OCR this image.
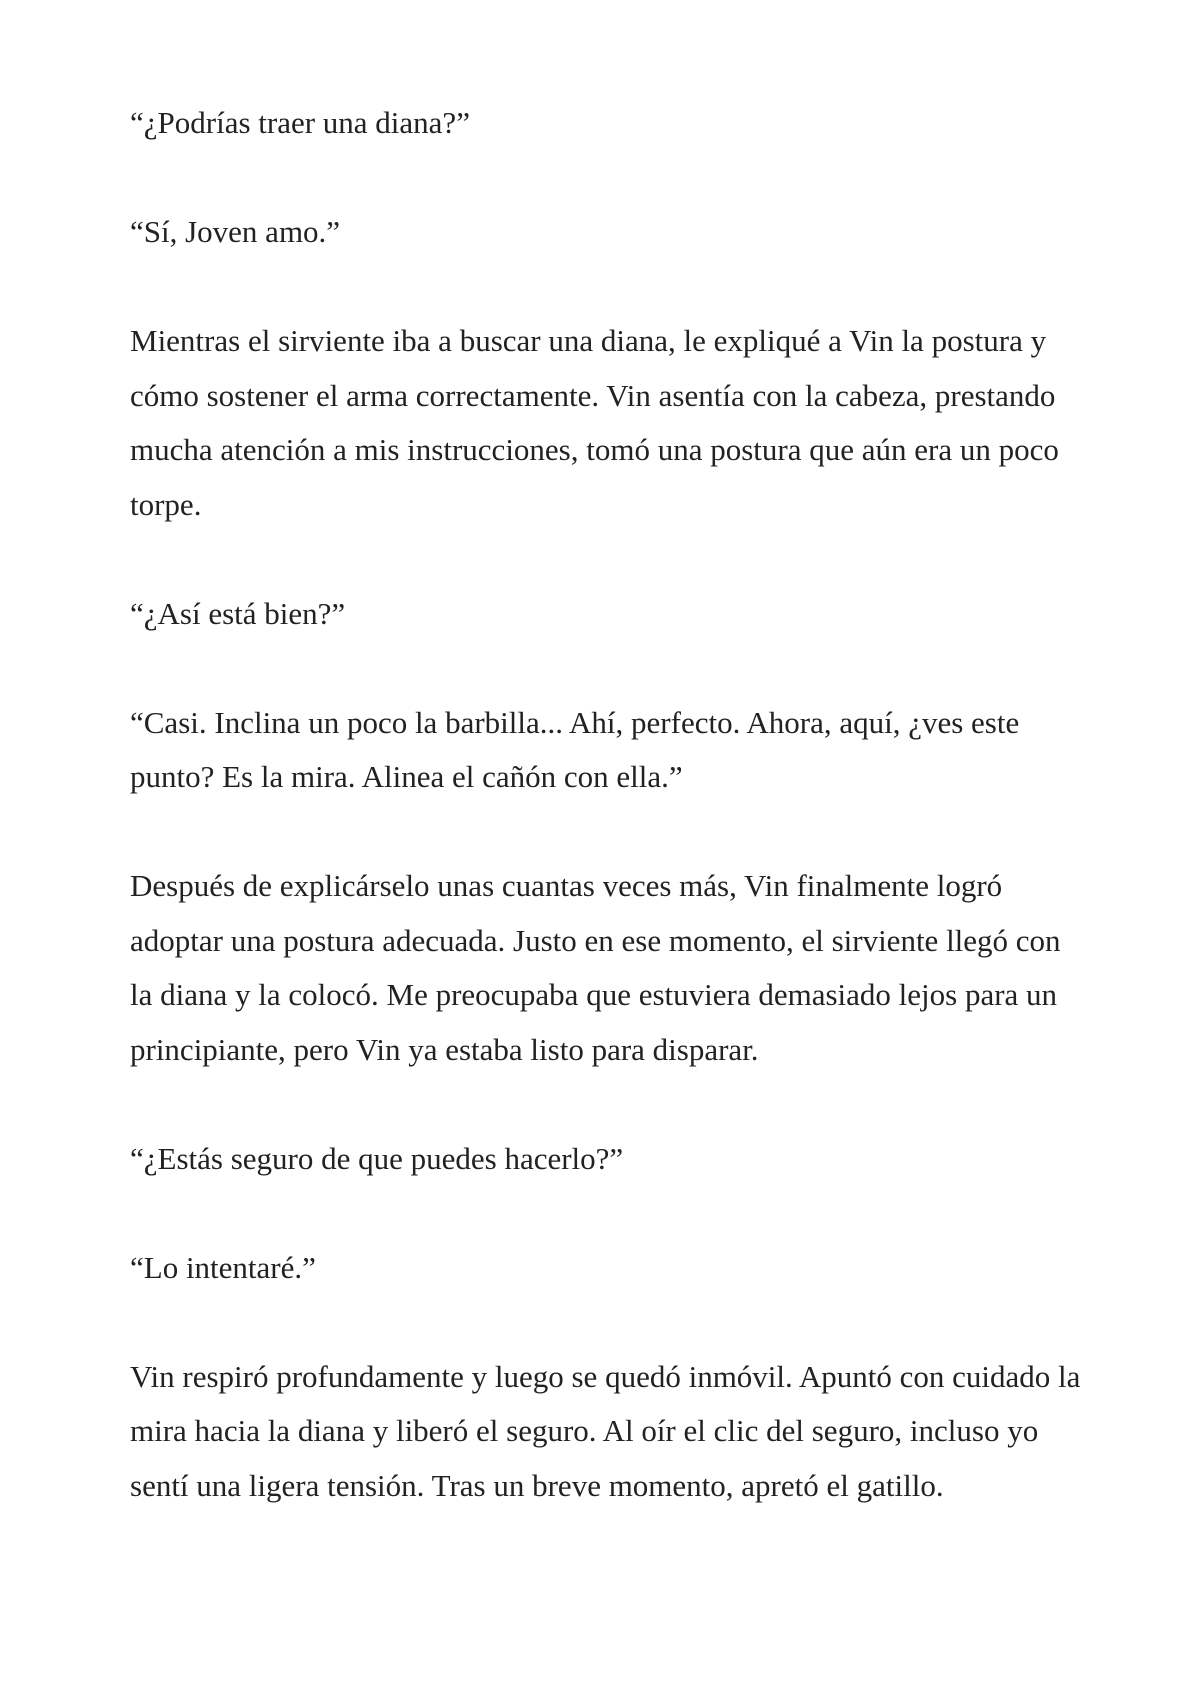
“¿Podrías traer una diana?”

“Sí, Joven amo.”

Mientras el sirviente iba a buscar una diana, le expliqué a Vin la postura y cómo sostener el arma correctamente. Vin asentía con la cabeza, prestando mucha atención a mis instrucciones, tomó una postura que aún era un poco torpe.

“¿Así está bien?”

“Casi. Inclina un poco la barbilla... Ahí, perfecto. Ahora, aquí, ¿ves este punto? Es la mira. Alinea el cañón con ella.”

Después de explicárselo unas cuantas veces más, Vin finalmente logró adoptar una postura adecuada. Justo en ese momento, el sirviente llegó con la diana y la colocó. Me preocupaba que estuviera demasiado lejos para un principiante, pero Vin ya estaba listo para disparar.

“¿Estás seguro de que puedes hacerlo?”

“Lo intentaré.”

Vin respiró profundamente y luego se quedó inmóvil. Apuntó con cuidado la mira hacia la diana y liberó el seguro. Al oír el clic del seguro, incluso yo sentí una ligera tensión. Tras un breve momento, apretó el gatillo.
